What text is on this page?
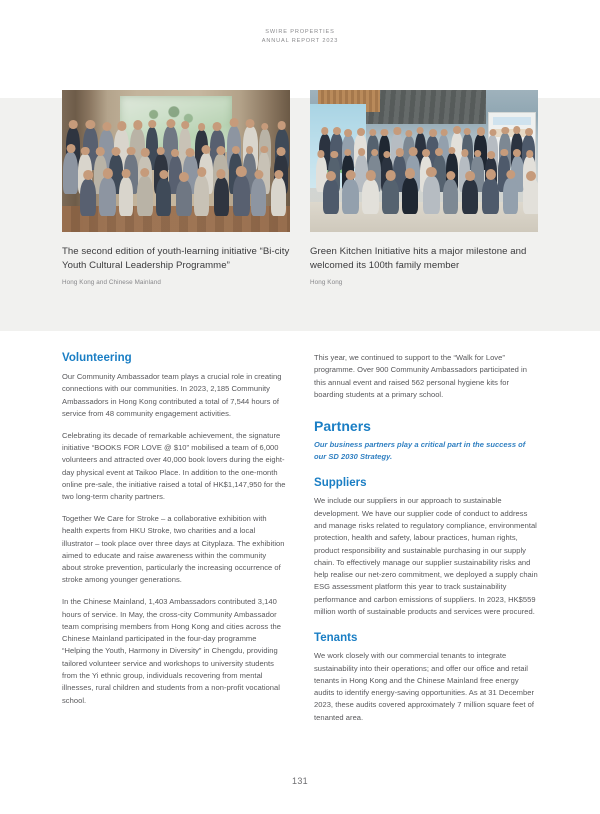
SWIRE PROPERTIES
ANNUAL REPORT 2023
The second edition of youth-learning initiative “Bi-city Youth Cultural Leadership Programme”
Hong Kong and Chinese Mainland
Green Kitchen Initiative hits a major milestone and welcomed its 100th family member
Hong Kong
Volunteering

Our Community Ambassador team plays a crucial role in creating connections with our communities. In 2023, 2,185 Community Ambassadors in Hong Kong contributed a total of 7,544 hours of service from 48 community engagement activities.

Celebrating its decade of remarkable achievement, the signature initiative “BOOKS FOR LOVE @ $10” mobilised a team of 6,000 volunteers and attracted over 40,000 book lovers during the eight-day physical event at Taikoo Place. In addition to the one-month online pre-sale, the initiative raised a total of HK$1,147,950 for the two long-term charity partners.

Together We Care for Stroke – a collaborative exhibition with health experts from HKU Stroke, two charities and a local illustrator – took place over three days at Cityplaza. The exhibition aimed to educate and raise awareness within the community about stroke prevention, particularly the increasing occurrence of stroke among younger generations.

In the Chinese Mainland, 1,403 Ambassadors contributed 3,140 hours of service. In May, the cross-city Community Ambassador team comprising members from Hong Kong and cities across the Chinese Mainland participated in the four-day programme “Helping the Youth, Harmony in Diversity” in Chengdu, providing tailored volunteer service and workshops to university students from the Yi ethnic group, individuals recovering from mental illnesses, rural children and students from a non-profit vocational school.

This year, we continued to support to the “Walk for Love” programme. Over 900 Community Ambassadors participated in this annual event and raised 562 personal hygiene kits for boarding students at a primary school.

Partners

Our business partners play a critical part in the success of our SD 2030 Strategy.

Suppliers

We include our suppliers in our approach to sustainable development. We have our supplier code of conduct to address and manage risks related to regulatory compliance, environmental protection, health and safety, labour practices, human rights, product responsibility and sustainable purchasing in our supply chain. To effectively manage our supplier sustainability risks and help realise our net-zero commitment, we deployed a supply chain ESG assessment platform this year to track sustainability performance and carbon emissions of suppliers. In 2023, HK$559 million worth of sustainable products and services were procured.

Tenants

We work closely with our commercial tenants to integrate sustainability into their operations; and offer our office and retail tenants in Hong Kong and the Chinese Mainland free energy audits to identify energy-saving opportunities. As at 31 December 2023, these audits covered approximately 7 million square feet of tenanted area.

131
